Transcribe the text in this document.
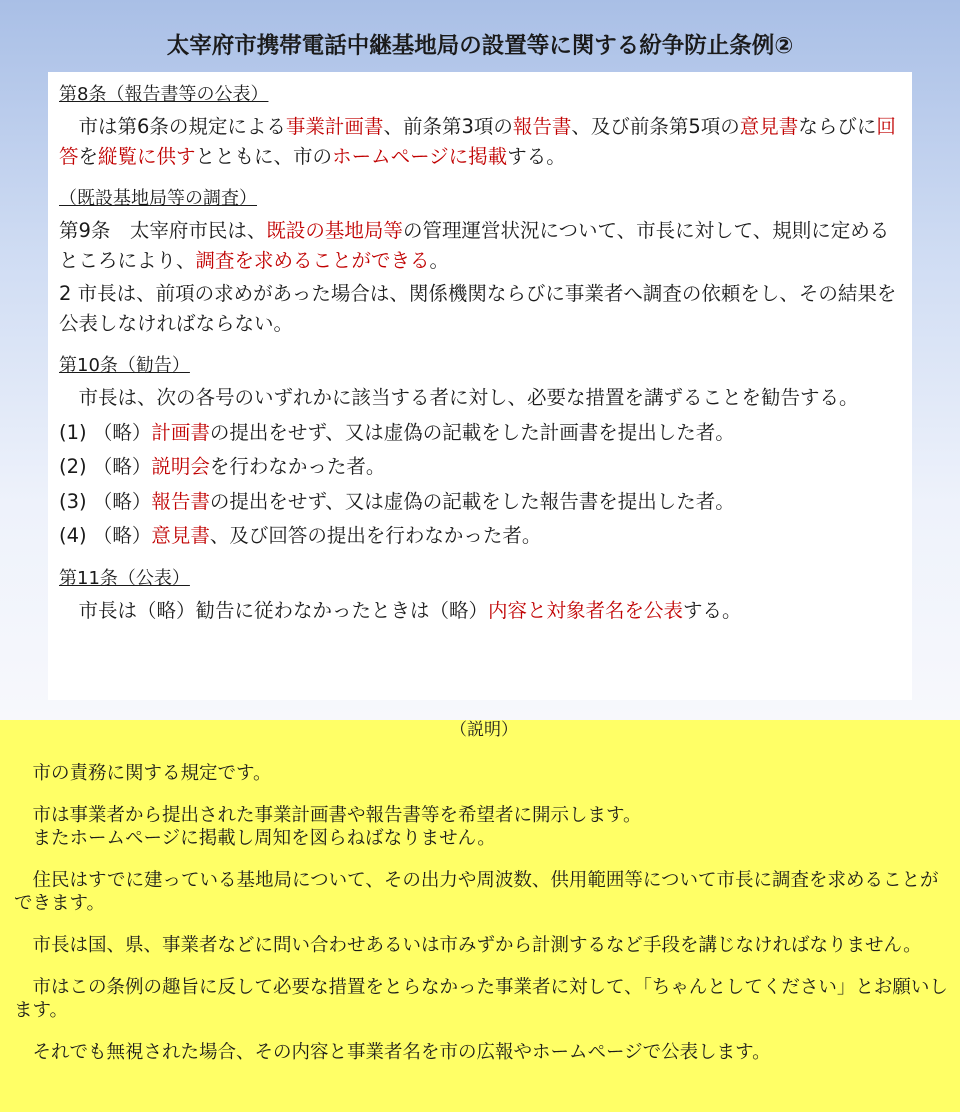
太宰府市携帯電話中継基地局の設置等に関する紛争防止条例②
第8条（報告書等の公表）
　市は第6条の規定による事業計画書、前条第3項の報告書、及び前条第5項の意見書ならびに回答を縦覧に供すとともに、市のホームページに掲載する。
（既設基地局等の調査）
第9条　太宰府市民は、既設の基地局等の管理運営状況について、市長に対して、規則に定めるところにより、調査を求めることができる。
2 市長は、前項の求めがあった場合は、関係機関ならびに事業者へ調査の依頼をし、その結果を公表しなければならない。
第10条（勧告）
　市長は、次の各号のいずれかに該当する者に対し、必要な措置を講ずることを勧告する。
(1) （略）計画書の提出をせず、又は虚偽の記載をした計画書を提出した者。
(2) （略）説明会を行わなかった者。
(3) （略）報告書の提出をせず、又は虚偽の記載をした報告書を提出した者。
(4) （略）意見書、及び回答の提出を行わなかった者。
第11条（公表）
　市長は（略）勧告に従わなかったときは（略）内容と対象者名を公表する。
（説明）
　市の責務に関する規定です。
　市は事業者から提出された事業計画書や報告書等を希望者に開示します。
　またホームページに掲載し周知を図らねばなりません。
　住民はすでに建っている基地局について、その出力や周波数、供用範囲等について市長に調査を求めることができます。
　市長は国、県、事業者などに問い合わせあるいは市みずから計測するなど手段を講じなければなりません。
　市はこの条例の趣旨に反して必要な措置をとらなかった事業者に対して、「ちゃんとしてください」とお願いします。
　それでも無視された場合、その内容と事業者名を市の広報やホームページで公表します。
